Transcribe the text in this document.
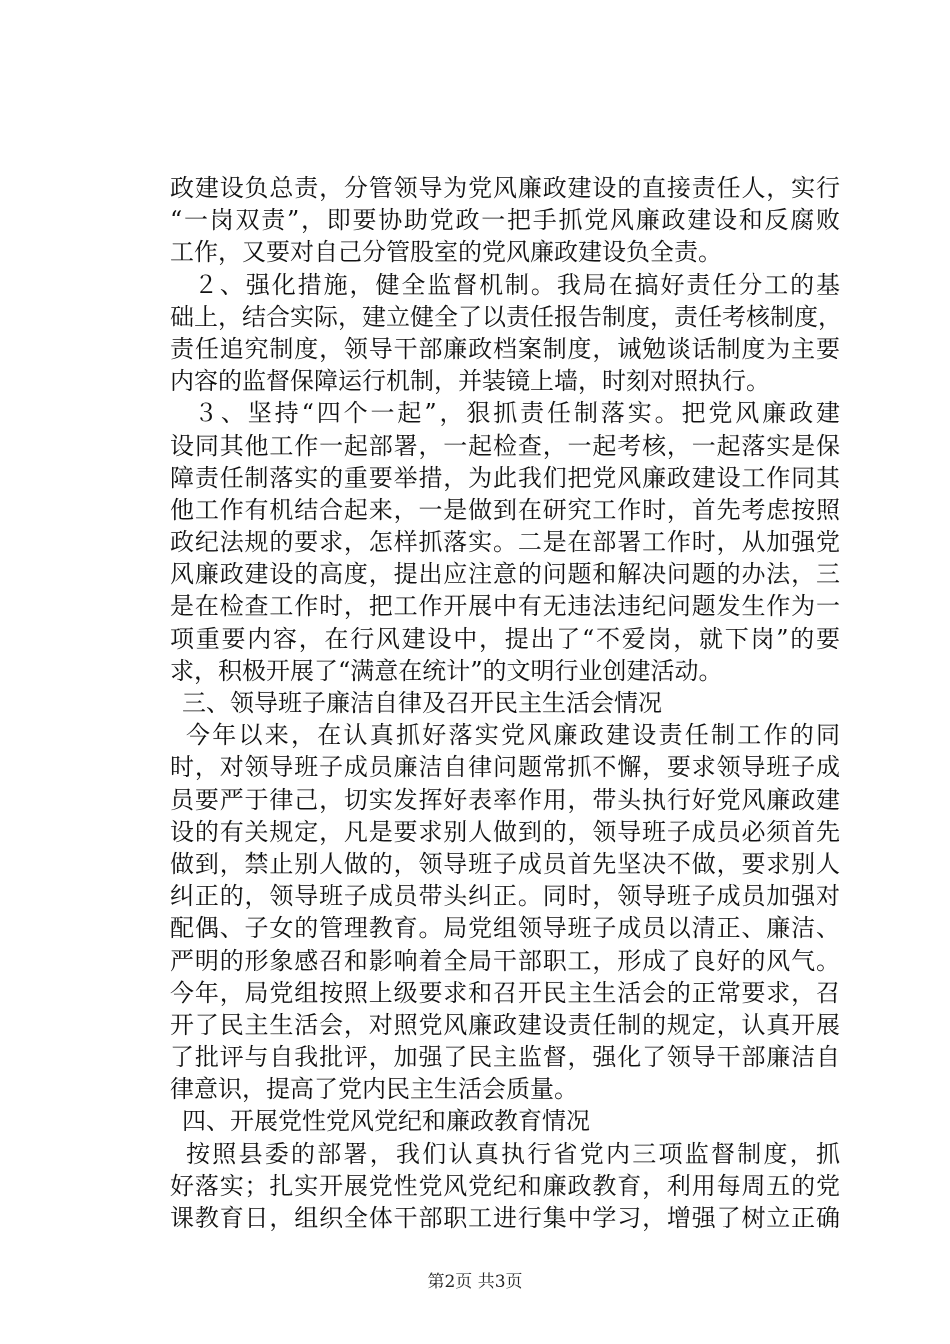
政建设负总责，分管领导为党风廉政建设的直接责任人，实行
“一岗双责”，即要协助党政一把手抓党风廉政建设和反腐败
工作，又要对自己分管股室的党风廉政建设负全责。
２、强化措施，健全监督机制。我局在搞好责任分工的基
础上，结合实际，建立健全了以责任报告制度，责任考核制度，
责任追究制度，领导干部廉政档案制度，诫勉谈话制度为主要
内容的监督保障运行机制，并装镜上墙，时刻对照执行。
３、坚持“四个一起”，狠抓责任制落实。把党风廉政建
设同其他工作一起部署，一起检查，一起考核，一起落实是保
障责任制落实的重要举措，为此我们把党风廉政建设工作同其
他工作有机结合起来，一是做到在研究工作时，首先考虑按照
政纪法规的要求，怎样抓落实。二是在部署工作时，从加强党
风廉政建设的高度，提出应注意的问题和解决问题的办法，三
是在检查工作时，把工作开展中有无违法违纪问题发生作为一
项重要内容，在行风建设中，提出了“不爱岗，就下岗”的要
求，积极开展了“满意在统计”的文明行业创建活动。
三、领导班子廉洁自律及召开民主生活会情况
今年以来，在认真抓好落实党风廉政建设责任制工作的同
时，对领导班子成员廉洁自律问题常抓不懈，要求领导班子成
员要严于律己，切实发挥好表率作用，带头执行好党风廉政建
设的有关规定，凡是要求别人做到的，领导班子成员必须首先
做到，禁止别人做的，领导班子成员首先坚决不做，要求别人
纠正的，领导班子成员带头纠正。同时，领导班子成员加强对
配偶、子女的管理教育。局党组领导班子成员以清正、廉洁、
严明的形象感召和影响着全局干部职工，形成了良好的风气。
今年，局党组按照上级要求和召开民主生活会的正常要求，召
开了民主生活会，对照党风廉政建设责任制的规定，认真开展
了批评与自我批评，加强了民主监督，强化了领导干部廉洁自
律意识，提高了党内民主生活会质量。
四、开展党性党风党纪和廉政教育情况
按照县委的部署，我们认真执行省党内三项监督制度，抓
好落实；扎实开展党性党风党纪和廉政教育，利用每周五的党
课教育日，组织全体干部职工进行集中学习，增强了树立正确
第2页 共3页
